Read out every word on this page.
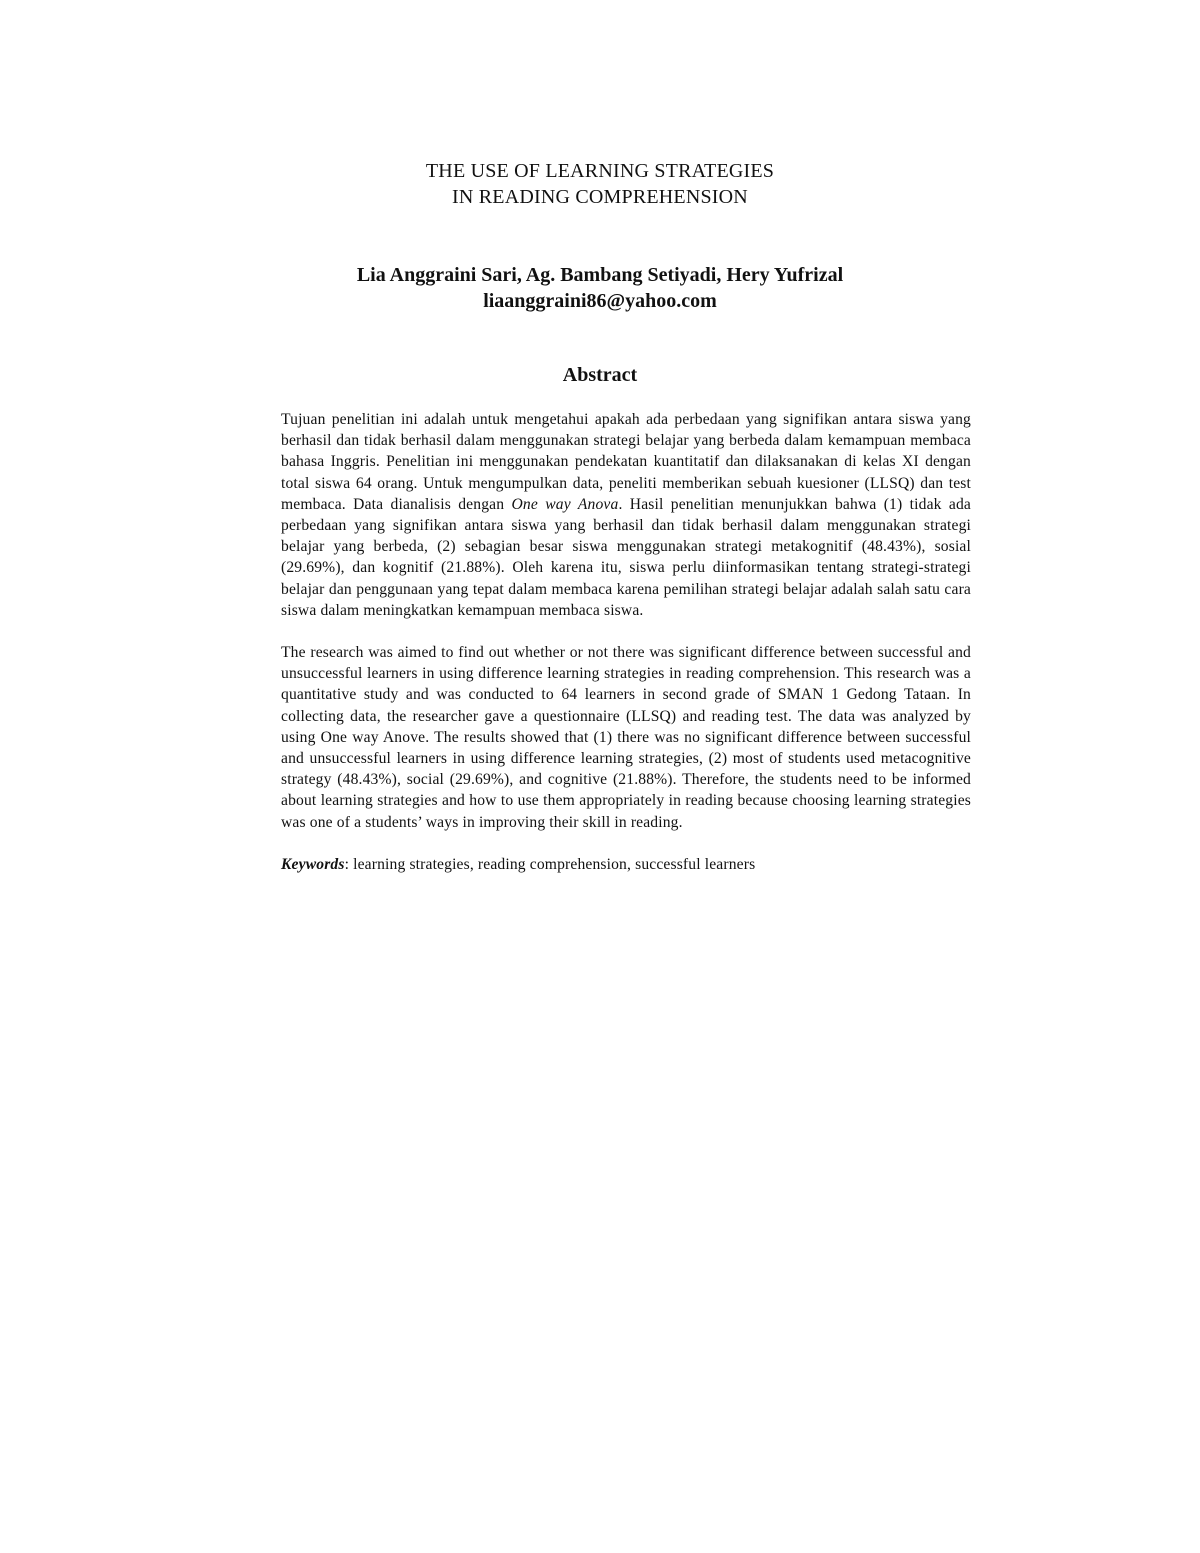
THE USE OF LEARNING STRATEGIES
IN READING COMPREHENSION
Lia Anggraini Sari, Ag. Bambang Setiyadi, Hery Yufrizal
liaanggraini86@yahoo.com
Abstract

Tujuan penelitian ini adalah untuk mengetahui apakah ada perbedaan yang signifikan antara siswa yang berhasil dan tidak berhasil dalam menggunakan strategi belajar yang berbeda dalam kemampuan membaca bahasa Inggris. Penelitian ini menggunakan pendekatan kuantitatif dan dilaksanakan di kelas XI dengan total siswa 64 orang. Untuk mengumpulkan data, peneliti memberikan sebuah kuesioner (LLSQ) dan test membaca. Data dianalisis dengan One way Anova. Hasil penelitian menunjukkan bahwa (1) tidak ada perbedaan yang signifikan antara siswa yang berhasil dan tidak berhasil dalam menggunakan strategi belajar yang berbeda, (2) sebagian besar siswa menggunakan strategi metakognitif (48.43%), sosial (29.69%), dan kognitif (21.88%). Oleh karena itu, siswa perlu diinformasikan tentang strategi-strategi belajar dan penggunaan yang tepat dalam membaca karena pemilihan strategi belajar adalah salah satu cara siswa dalam meningkatkan kemampuan membaca siswa.

The research was aimed to find out whether or not there was significant difference between successful and unsuccessful learners in using difference learning strategies in reading comprehension. This research was a quantitative study and was conducted to 64 learners in second grade of SMAN 1 Gedong Tataan. In collecting data, the researcher gave a questionnaire (LLSQ) and reading test. The data was analyzed by using One way Anove. The results showed that (1) there was no significant difference between successful and unsuccessful learners in using difference learning strategies, (2) most of students used metacognitive strategy (48.43%), social (29.69%), and cognitive (21.88%). Therefore, the students need to be informed about learning strategies and how to use them appropriately in reading because choosing learning strategies was one of a students’ ways in improving their skill in reading.

Keywords: learning strategies, reading comprehension, successful learners
